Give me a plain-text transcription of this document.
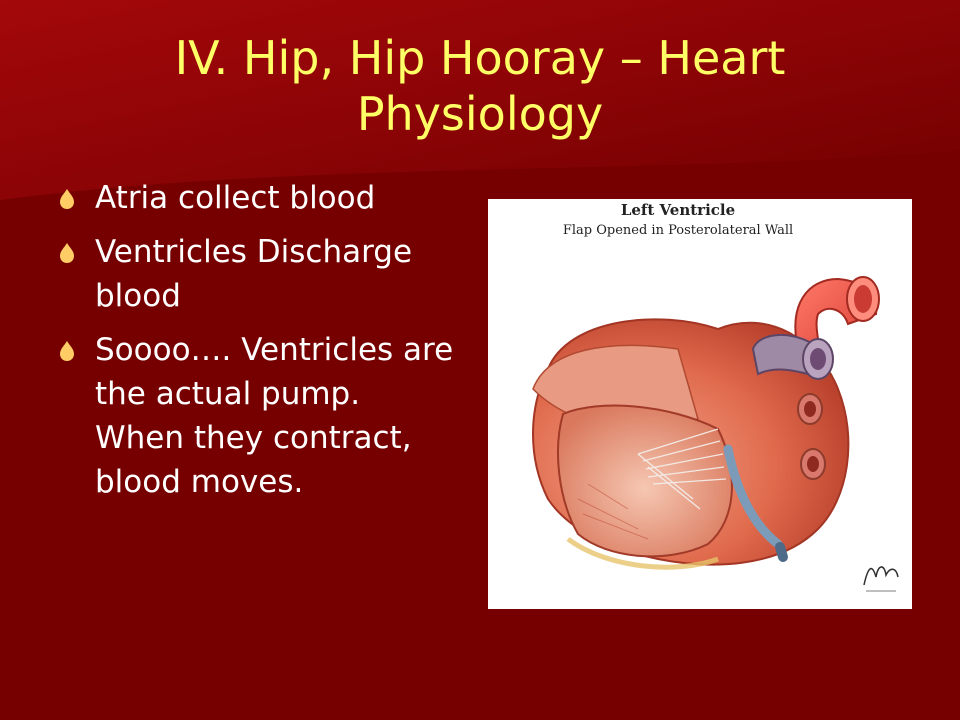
IV. Hip, Hip Hooray – Heart
Physiology
Atria collect blood
Ventricles Discharge blood
Soooo…. Ventricles are the actual pump. When they contract, blood moves.
Left Ventricle
Flap Opened in Posterolateral Wall
